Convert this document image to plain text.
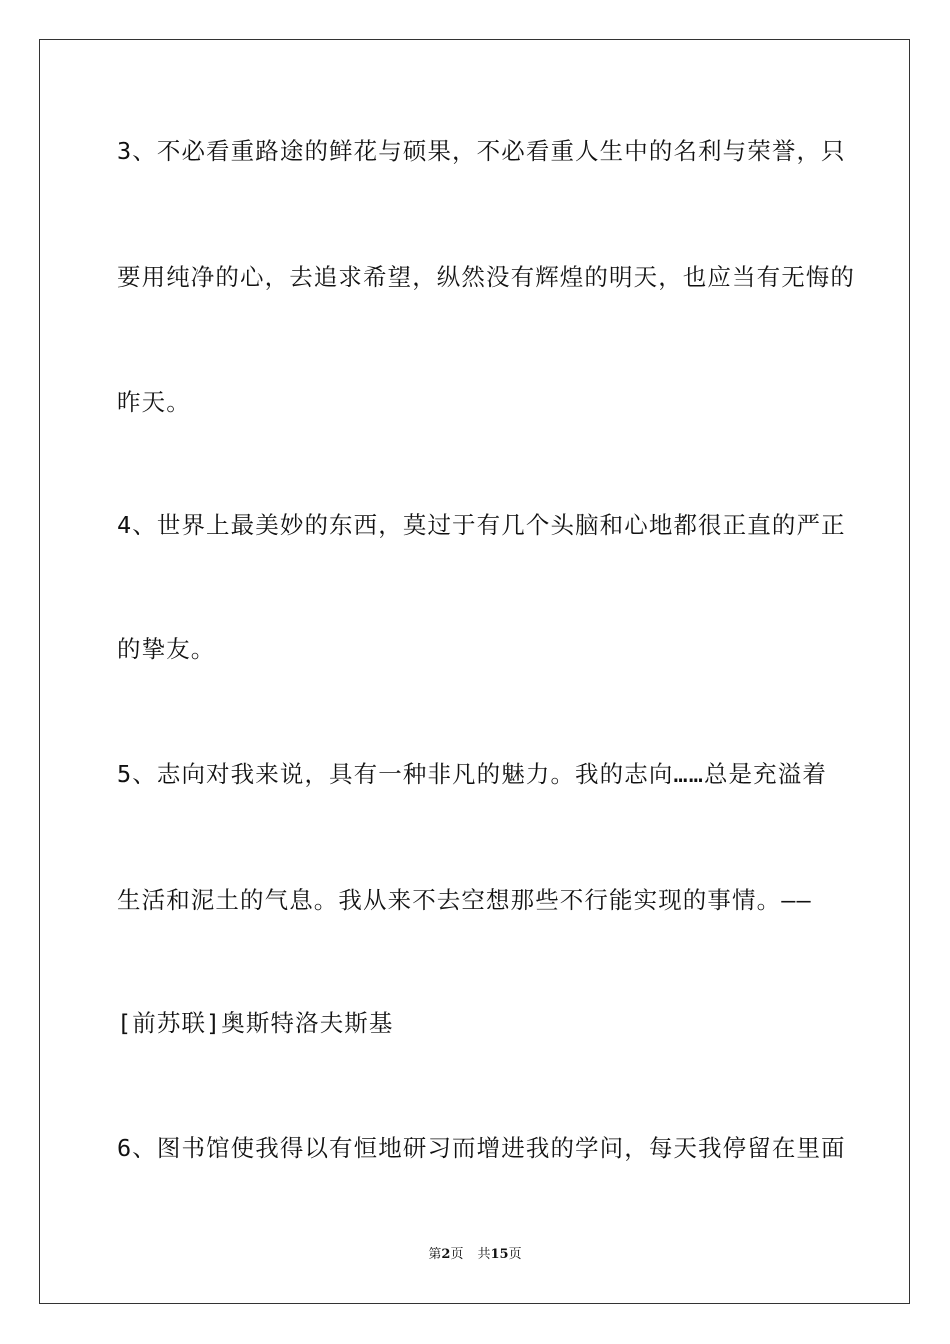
3、不必看重路途的鲜花与硕果，不必看重人生中的名利与荣誉，只
要用纯净的心，去追求希望，纵然没有辉煌的明天，也应当有无悔的
昨天。
4、世界上最美妙的东西，莫过于有几个头脑和心地都很正直的严正
的挚友。
5、志向对我来说，具有一种非凡的魅力。我的志向……总是充溢着
生活和泥土的气息。我从来不去空想那些不行能实现的事情。——
[前苏联]奥斯特洛夫斯基
6、图书馆使我得以有恒地研习而增进我的学问，每天我停留在里面
第2页 共15页
